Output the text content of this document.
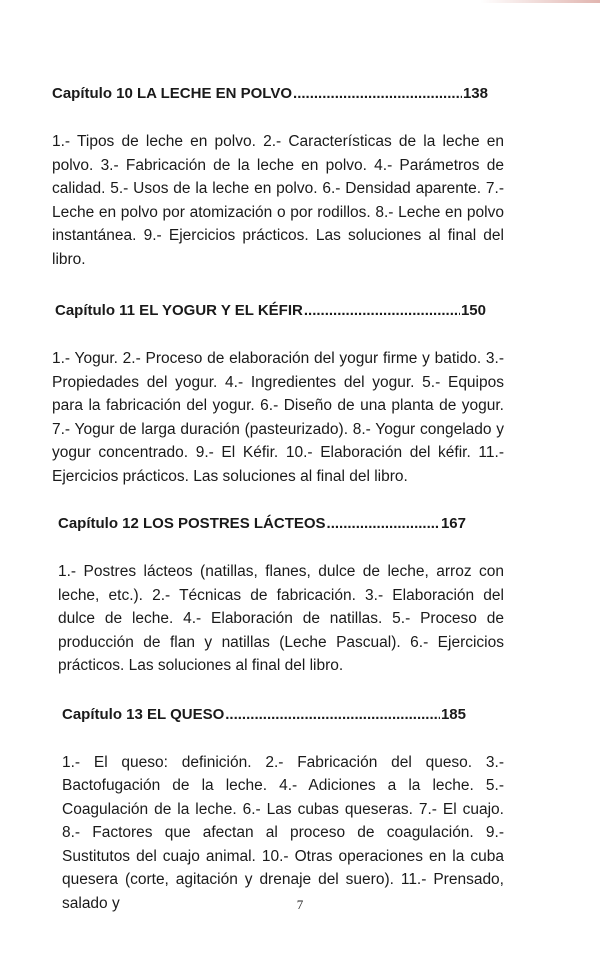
Capítulo 10 LA LECHE EN POLVO .....	138

1.- Tipos de leche en polvo. 2.- Características de la leche en polvo. 3.- Fabricación de la leche en polvo. 4.- Parámetros de calidad. 5.- Usos de la leche en polvo. 6.- Densidad aparente. 7.- Leche en polvo por atomización o por rodillos. 8.- Leche en polvo instantánea. 9.- Ejercicios prácticos. Las soluciones al final del libro.

Capítulo 11 EL YOGUR Y EL KÉFIR .....	150

1.- Yogur. 2.- Proceso de elaboración del yogur firme y batido. 3.- Propiedades del yogur. 4.- Ingredientes del yogur. 5.- Equipos para la fabricación del yogur. 6.- Diseño de una planta de yogur. 7.- Yogur de larga duración (pasteurizado). 8.- Yogur congelado y yogur concentrado. 9.- El Kéfir. 10.- Elaboración del kéfir. 11.- Ejercicios prácticos. Las soluciones al final del libro.

Capítulo 12 LOS POSTRES LÁCTEOS .....	167

1.- Postres lácteos (natillas, flanes, dulce de leche, arroz con leche, etc.). 2.- Técnicas de fabricación. 3.- Elaboración del dulce de leche. 4.- Elaboración de natillas. 5.- Proceso de producción de flan y natillas (Leche Pascual). 6.- Ejercicios prácticos. Las soluciones al final del libro.

Capítulo 13 EL QUESO .....	185

1.- El queso: definición. 2.- Fabricación del queso. 3.- Bactofugación de la leche. 4.- Adiciones a la leche. 5.- Coagulación de la leche. 6.- Las cubas queseras. 7.- El cuajo. 8.- Factores que afectan al proceso de coagulación. 9.- Sustitutos del cuajo animal. 10.- Otras operaciones en la cuba quesera (corte, agitación y drenaje del suero). 11.- Prensado, salado y	7
